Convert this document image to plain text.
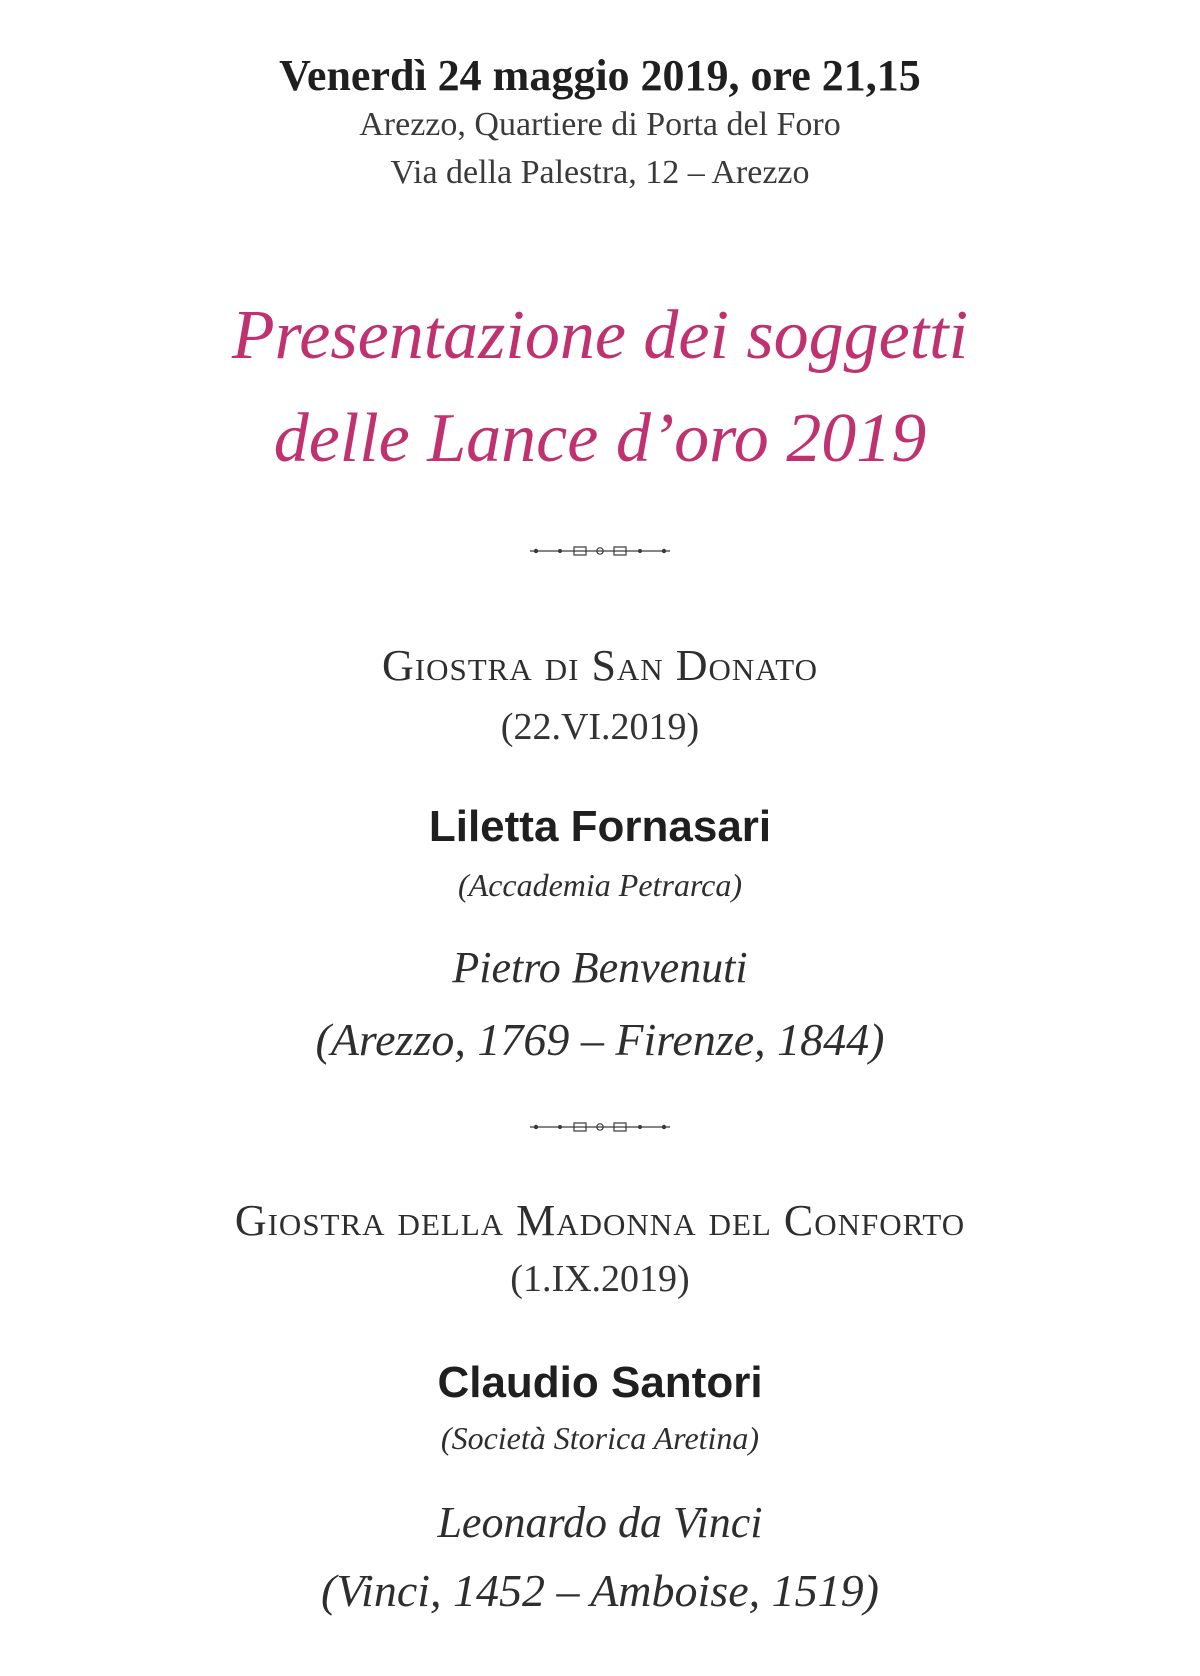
Venerdì 24 maggio 2019, ore 21,15
Arezzo, Quartiere di Porta del Foro
Via della Palestra, 12 – Arezzo
Presentazione dei soggetti
delle Lance d’oro 2019
Giostra di San Donato
(22.VI.2019)
Liletta Fornasari
(Accademia Petrarca)
Pietro Benvenuti
(Arezzo, 1769 – Firenze, 1844)
Giostra della Madonna del Conforto
(1.IX.2019)
Claudio Santori
(Società Storica Aretina)
Leonardo da Vinci
(Vinci, 1452 – Amboise, 1519)
